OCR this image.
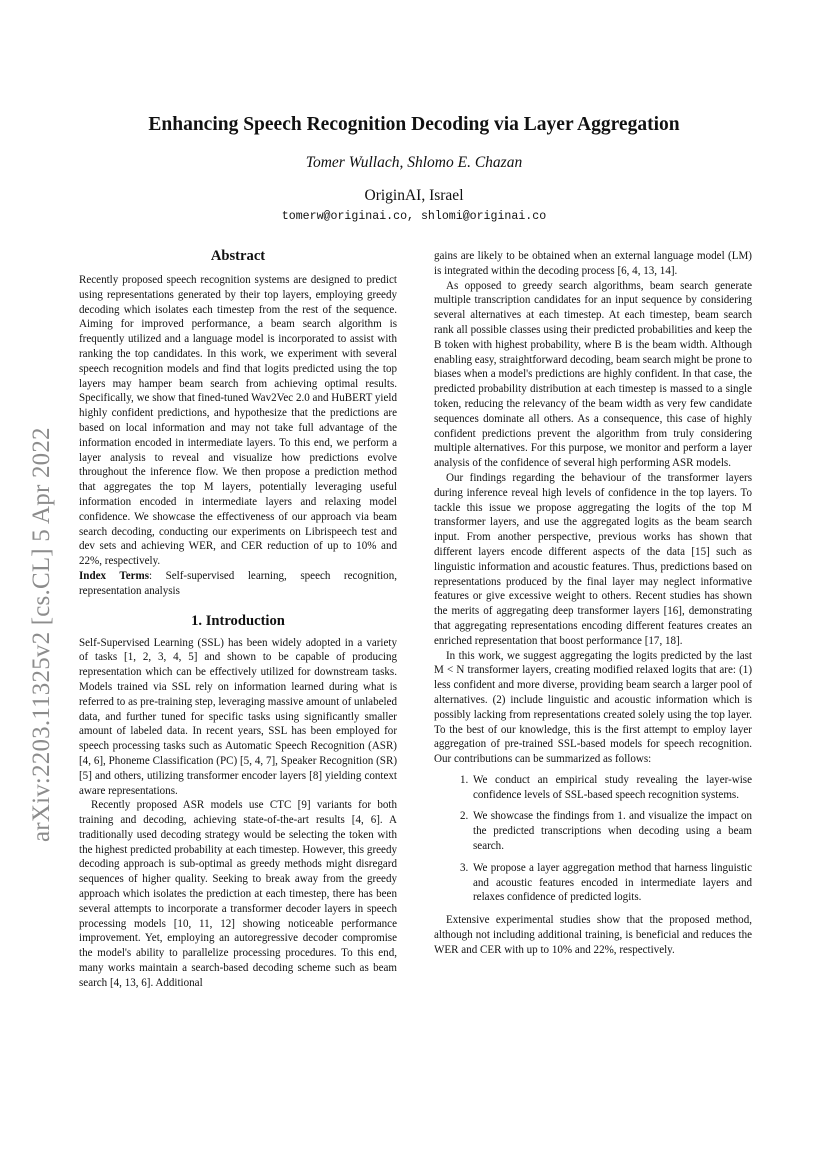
arXiv:2203.11325v2 [cs.CL] 5 Apr 2022
Enhancing Speech Recognition Decoding via Layer Aggregation
Tomer Wullach, Shlomo E. Chazan
OriginAI, Israel
tomerw@originai.co, shlomi@originai.co
Abstract

Recently proposed speech recognition systems are designed to predict using representations generated by their top layers, employing greedy decoding which isolates each timestep from the rest of the sequence. Aiming for improved performance, a beam search algorithm is frequently utilized and a language model is incorporated to assist with ranking the top candidates. In this work, we experiment with several speech recognition models and find that logits predicted using the top layers may hamper beam search from achieving optimal results. Specifically, we show that fined-tuned Wav2Vec 2.0 and HuBERT yield highly confident predictions, and hypothesize that the predictions are based on local information and may not take full advantage of the information encoded in intermediate layers. To this end, we perform a layer analysis to reveal and visualize how predictions evolve throughout the inference flow. We then propose a prediction method that aggregates the top M layers, potentially leveraging useful information encoded in intermediate layers and relaxing model confidence. We showcase the effectiveness of our approach via beam search decoding, conducting our experiments on Librispeech test and dev sets and achieving WER, and CER reduction of up to 10% and 22%, respectively.

Index Terms: Self-supervised learning, speech recognition, representation analysis

1. Introduction

Self-Supervised Learning (SSL) has been widely adopted in a variety of tasks [1, 2, 3, 4, 5] and shown to be capable of producing representation which can be effectively utilized for downstream tasks. Models trained via SSL rely on information learned during what is referred to as pre-training step, leveraging massive amount of unlabeled data, and further tuned for specific tasks using significantly smaller amount of labeled data. In recent years, SSL has been employed for speech processing tasks such as Automatic Speech Recognition (ASR) [4, 6], Phoneme Classification (PC) [5, 4, 7], Speaker Recognition (SR) [5] and others, utilizing transformer encoder layers [8] yielding context aware representations.

Recently proposed ASR models use CTC [9] variants for both training and decoding, achieving state-of-the-art results [4, 6]. A traditionally used decoding strategy would be selecting the token with the highest predicted probability at each timestep. However, this greedy decoding approach is sub-optimal as greedy methods might disregard sequences of higher quality. Seeking to break away from the greedy approach which isolates the prediction at each timestep, there has been several attempts to incorporate a transformer decoder layers in speech processing models [10, 11, 12] showing noticeable performance improvement. Yet, employing an autoregressive decoder compromise the model's ability to parallelize processing procedures. To this end, many works maintain a search-based decoding scheme such as beam search [4, 13, 6]. Additional

gains are likely to be obtained when an external language model (LM) is integrated within the decoding process [6, 4, 13, 14].

As opposed to greedy search algorithms, beam search generate multiple transcription candidates for an input sequence by considering several alternatives at each timestep. At each timestep, beam search rank all possible classes using their predicted probabilities and keep the B token with highest probability, where B is the beam width. Although enabling easy, straightforward decoding, beam search might be prone to biases when a model's predictions are highly confident. In that case, the predicted probability distribution at each timestep is massed to a single token, reducing the relevancy of the beam width as very few candidate sequences dominate all others. As a consequence, this case of highly confident predictions prevent the algorithm from truly considering multiple alternatives. For this purpose, we monitor and perform a layer analysis of the confidence of several high performing ASR models.

Our findings regarding the behaviour of the transformer layers during inference reveal high levels of confidence in the top layers. To tackle this issue we propose aggregating the logits of the top M transformer layers, and use the aggregated logits as the beam search input. From another perspective, previous works has shown that different layers encode different aspects of the data [15] such as linguistic information and acoustic features. Thus, predictions based on representations produced by the final layer may neglect informative features or give excessive weight to others. Recent studies has shown the merits of aggregating deep transformer layers [16], demonstrating that aggregating representations encoding different features creates an enriched representation that boost performance [17, 18].

In this work, we suggest aggregating the logits predicted by the last M < N transformer layers, creating modified relaxed logits that are: (1) less confident and more diverse, providing beam search a larger pool of alternatives. (2) include linguistic and acoustic information which is possibly lacking from representations created solely using the top layer. To the best of our knowledge, this is the first attempt to employ layer aggregation of pre-trained SSL-based models for speech recognition. Our contributions can be summarized as follows:

1. We conduct an empirical study revealing the layer-wise confidence levels of SSL-based speech recognition systems.
2. We showcase the findings from 1. and visualize the impact on the predicted transcriptions when decoding using a beam search.
3. We propose a layer aggregation method that harness linguistic and acoustic features encoded in intermediate layers and relaxes confidence of predicted logits.

Extensive experimental studies show that the proposed method, although not including additional training, is beneficial and reduces the WER and CER with up to 10% and 22%, respectively.
